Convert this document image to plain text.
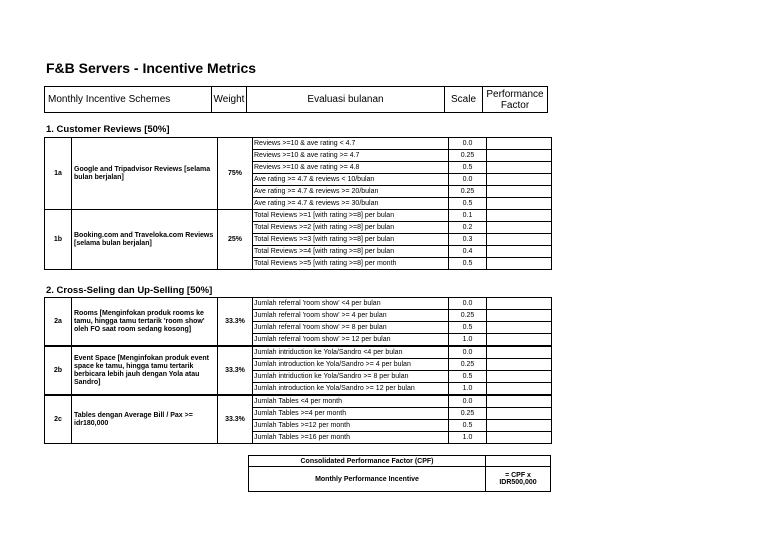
F&B Servers - Incentive Metrics
Monthly Incentive Schemes	Weight	Evaluasi bulanan	Scale	Performance Factor
1. Customer Reviews [50%]
1a	Google and Tripadvisor Reviews [selama bulan berjalan]	75%	Reviews >=10 & ave rating < 4.7	0.0	
			Reviews >=10 & ave rating >= 4.7	0.25	
			Reviews >=10 & ave rating >= 4.8	0.5	
			Ave rating >= 4.7 & reviews < 10/bulan	0.0	
			Ave rating >= 4.7 & reviews >= 20/bulan	0.25	
			Ave rating >= 4.7 & reviews >= 30/bulan	0.5	
1b	Booking.com and Traveloka.com Reviews [selama bulan berjalan]	25%	Total Reviews >=1 [with rating >=8] per bulan	0.1	
			Total Reviews >=2 [with rating >=8] per bulan	0.2	
			Total Reviews >=3 [with rating >=8] per bulan	0.3	
			Total Reviews >=4 [with rating >=8] per bulan	0.4	
			Total Reviews >=5 [with rating >=8] per month	0.5	
2. Cross-Seling dan Up-Selling [50%]
2a	Rooms [Menginfokan produk rooms ke tamu, hingga tamu tertarik 'room show' oleh FO saat room sedang kosong]	33.3%	Jumlah referral 'room show' <4 per bulan	0.0	
			Jumlah referral 'room show' >= 4 per bulan	0.25	
			Jumlah referral 'room show' >= 8 per bulan	0.5	
			Jumlah referral 'room show' >= 12 per bulan	1.0	
2b	Event Space [Menginfokan produk event space ke tamu, hingga tamu tertarik berbicara lebih jauh dengan Yola atau Sandro]	33.3%	Jumlah intriduction ke Yola/Sandro <4 per bulan	0.0	
			Jumlah introduction ke Yola/Sandro >= 4 per bulan	0.25	
			Jumlah intriduction ke Yola/Sandro >= 8 per bulan	0.5	
			Jumlah introduction ke Yola/Sandro >= 12 per bulan	1.0	
2c	Tables dengan Average Bill / Pax >= idr180,000	33.3%	Jumlah Tables <4 per month	0.0	
			Jumlah Tables >=4 per month	0.25	
			Jumlah Tables >=12 per month	0.5	
			Jumlah Tables >=16 per month	1.0	
Consolidated Performance Factor (CPF)	
Monthly Performance Incentive	= CPF x
IDR500,000
